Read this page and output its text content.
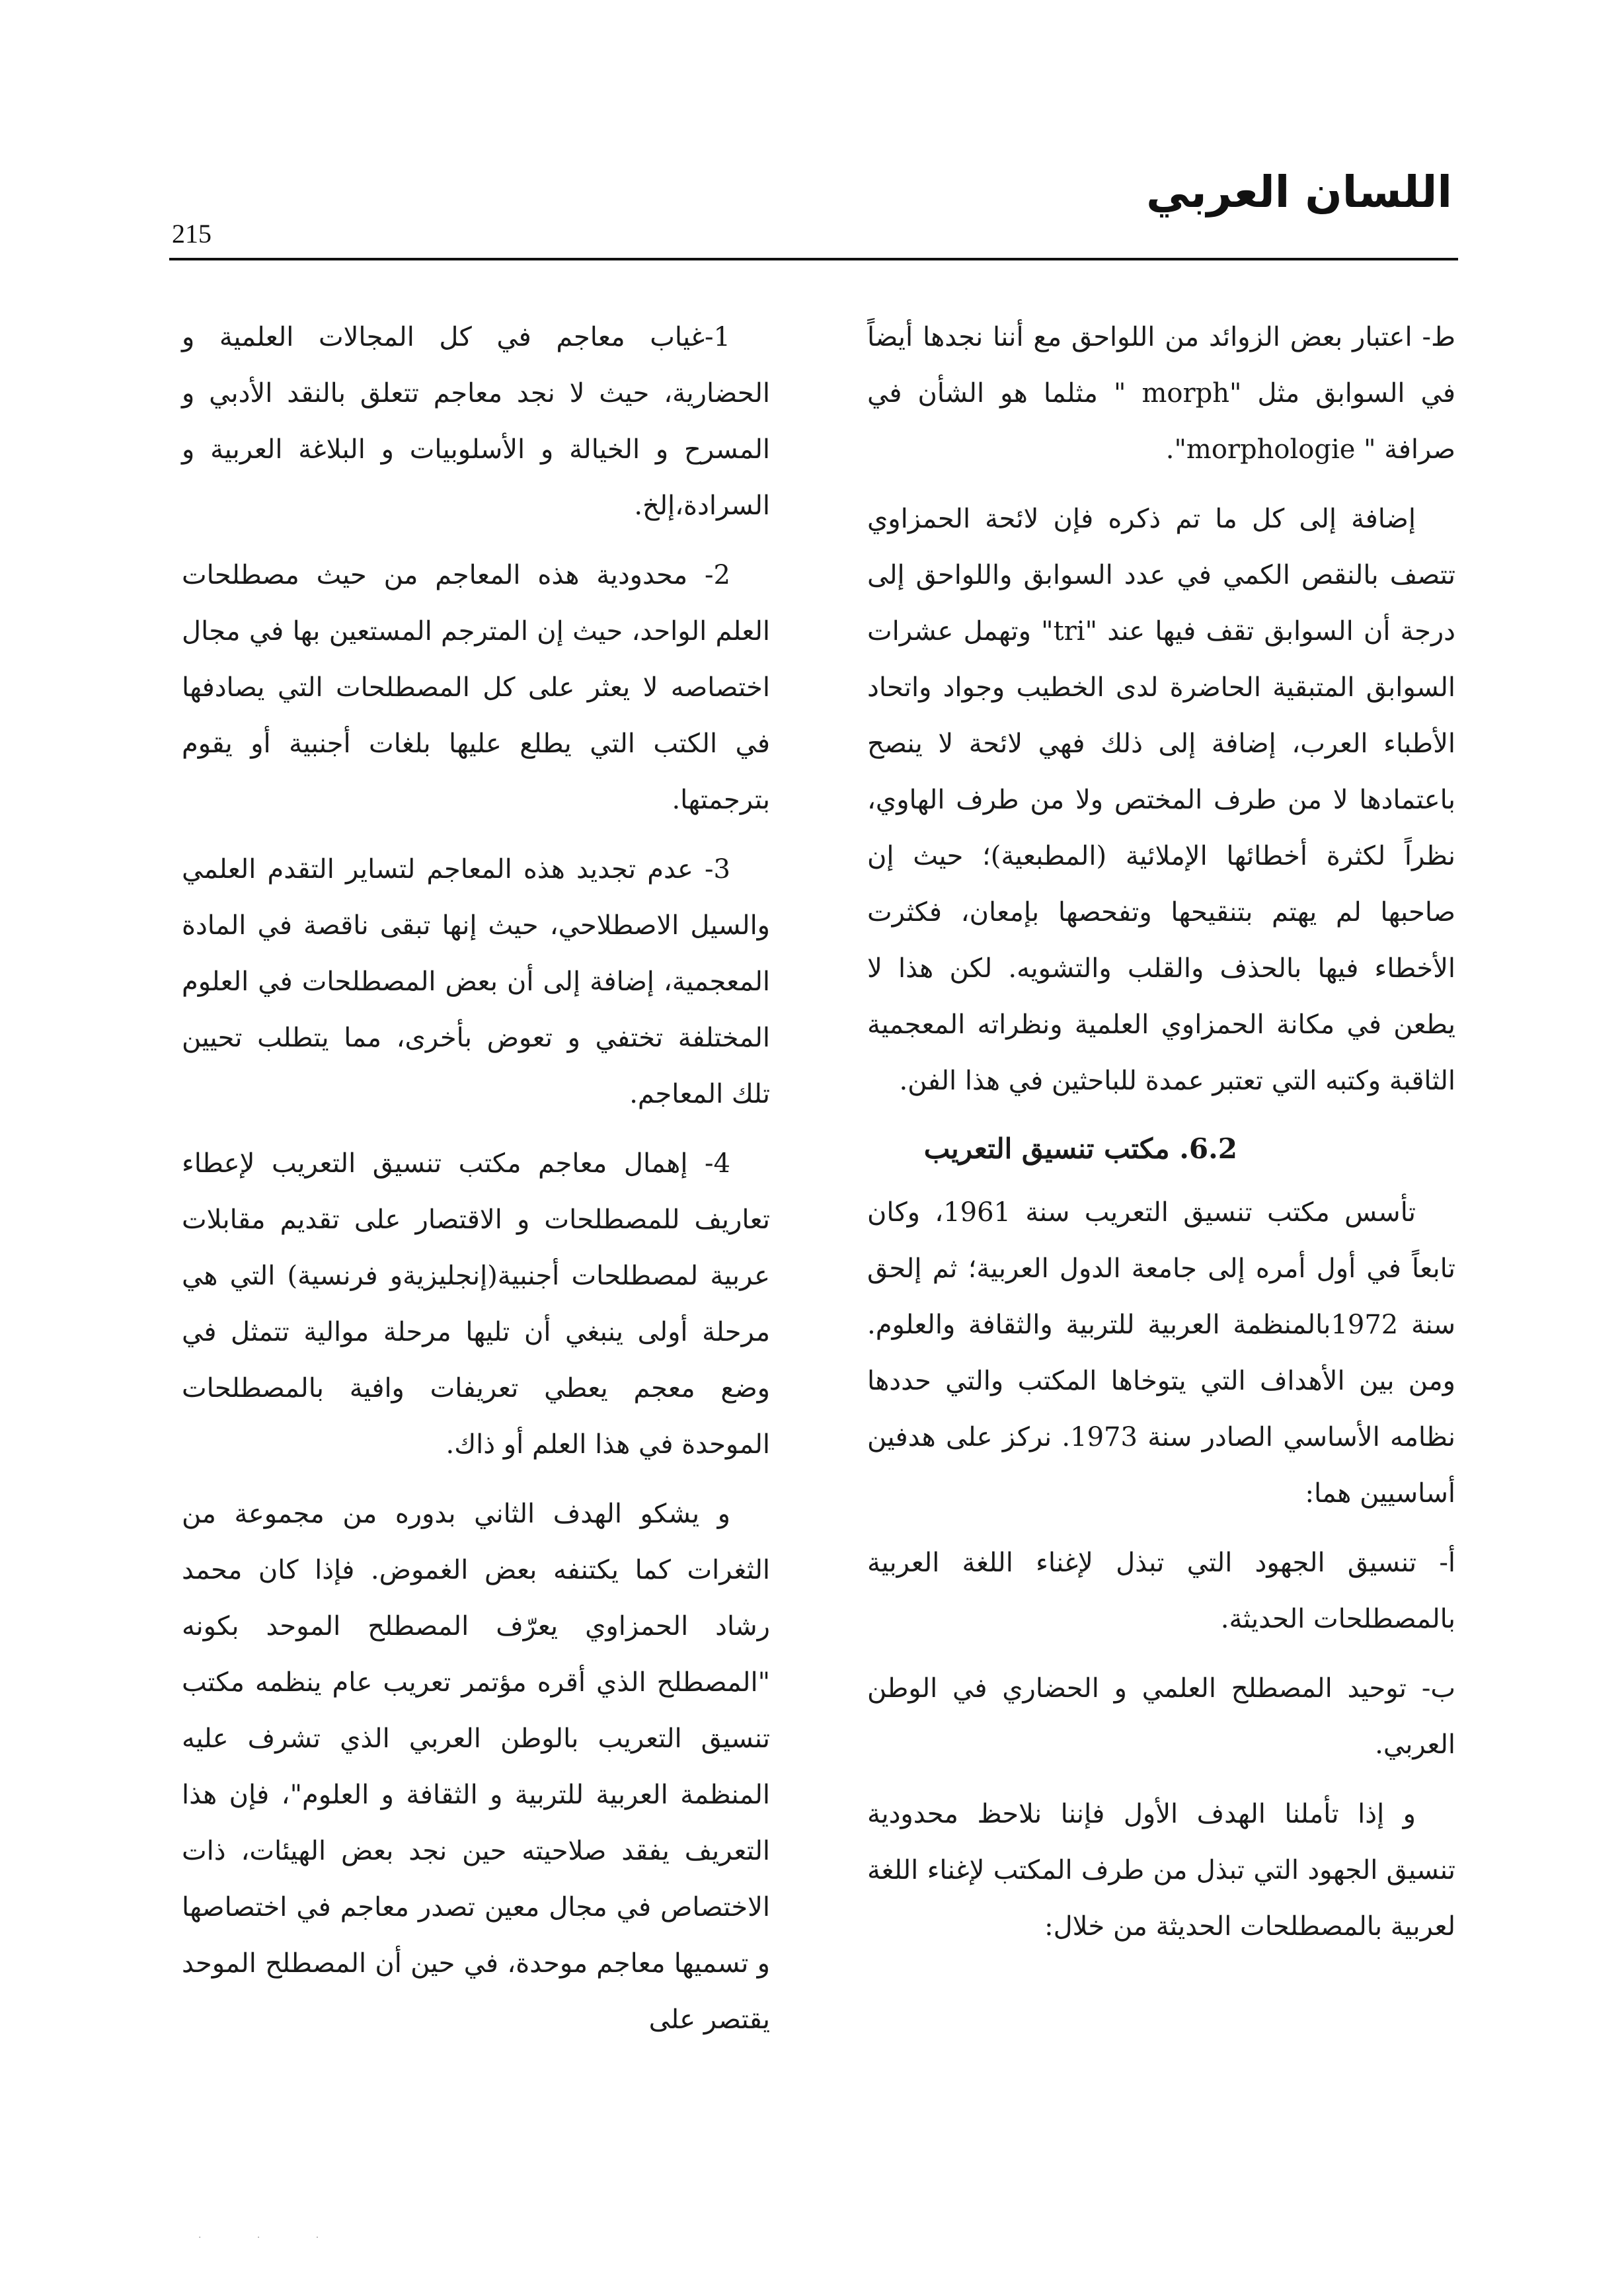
اللسان العربي
215

ط- اعتبار بعض الزوائد من اللواحق مع أننا نجدها أيضاً في السوابق مثل "morph " مثلما هو الشأن في صرافة " morphologie".

إضافة إلى كل ما تم ذكره فإن لائحة الحمزاوي تتصف بالنقص الكمي في عدد السوابق واللواحق إلى درجة أن السوابق تقف فيها عند "tri" وتهمل عشرات السوابق المتبقية الحاضرة لدى الخطيب وجواد واتحاد الأطباء العرب، إضافة إلى ذلك فهي لائحة لا ينصح باعتمادها لا من طرف المختص ولا من طرف الهاوي، نظراً لكثرة أخطائها الإملائية (المطبعية)؛ حيث إن صاحبها لم يهتم بتنقيحها وتفحصها بإمعان، فكثرت الأخطاء فيها بالحذف والقلب والتشويه. لكن هذا لا يطعن في مكانة الحمزاوي العلمية ونظراته المعجمية الثاقبة وكتبه التي تعتبر عمدة للباحثين في هذا الفن.

6.2. مكتب تنسيق التعريب

تأسس مكتب تنسيق التعريب سنة 1961، وكان تابعاً في أول أمره إلى جامعة الدول العربية؛ ثم إلحق سنة 1972بالمنظمة العربية للتربية والثقافة والعلوم. ومن بين الأهداف التي يتوخاها المكتب والتي حددها نظامه الأساسي الصادر سنة 1973. نركز على هدفين أساسيين هما:

أ- تنسيق الجهود التي تبذل لإغناء اللغة العربية بالمصطلحات الحديثة.

ب- توحيد المصطلح العلمي و الحضاري في الوطن العربي.

و إذا تأملنا الهدف الأول فإننا نلاحظ محدودية تنسيق الجهود التي تبذل من طرف المكتب لإغناء اللغة لعربية بالمصطلحات الحديثة من خلال:

1-غياب معاجم في كل المجالات العلمية و الحضارية، حيث لا نجد معاجم تتعلق بالنقد الأدبي و المسرح و الخيالة و الأسلوبيات و البلاغة العربية و السرادة،إلخ.

2- محدودية هذه المعاجم من حيث مصطلحات العلم الواحد، حيث إن المترجم المستعين بها في مجال اختصاصه لا يعثر على كل المصطلحات التي يصادفها في الكتب التي يطلع عليها بلغات أجنبية أو يقوم بترجمتها.

3- عدم تجديد هذه المعاجم لتساير التقدم العلمي والسيل الاصطلاحي، حيث إنها تبقى ناقصة في المادة المعجمية، إضافة إلى أن بعض المصطلحات في العلوم المختلفة تختفي و تعوض بأخرى، مما يتطلب تحيين تلك المعاجم.

4- إهمال معاجم مكتب تنسيق التعريب لإعطاء تعاريف للمصطلحات و الاقتصار على تقديم مقابلات عربية لمصطلحات أجنبية(إنجليزيةو فرنسية) التي هي مرحلة أولى ينبغي أن تليها مرحلة موالية تتمثل في وضع معجم يعطي تعريفات وافية بالمصطلحات الموحدة في هذا العلم أو ذاك.

و يشكو الهدف الثاني بدوره من مجموعة من الثغرات كما يكتنفه بعض الغموض. فإذا كان محمد رشاد الحمزاوي يعرّف المصطلح الموحد بكونه "المصطلح الذي أقره مؤتمر تعريب عام ينظمه مكتب تنسيق التعريب بالوطن العربي الذي تشرف عليه المنظمة العربية للتربية و الثقافة و العلوم"، فإن هذا التعريف يفقد صلاحيته حين نجد بعض الهيئات، ذات الاختصاص في مجال معين تصدر معاجم في اختصاصها و تسميها معاجم موحدة، في حين أن المصطلح الموحد يقتصر على

· · ·
